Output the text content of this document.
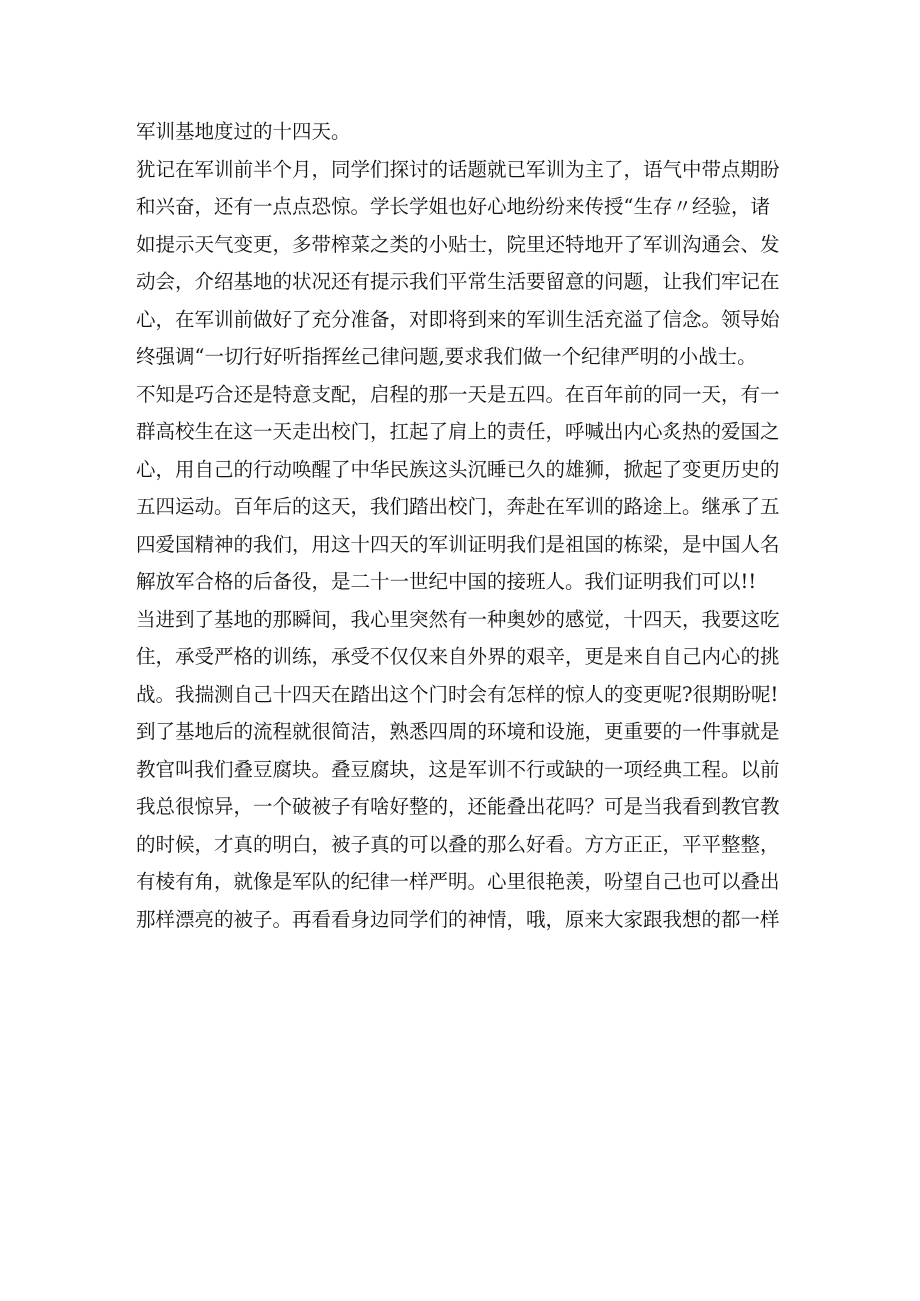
军训基地度过的十四天。
犹记在军训前半个月，同学们探讨的话题就已军训为主了，语气中带点期盼
和兴奋，还有一点点恐惊。学长学姐也好心地纷纷来传授“生存〃经验，诸
如提示天气变更，多带榨菜之类的小贴士，院里还特地开了军训沟通会、发
动会，介绍基地的状况还有提示我们平常生活要留意的问题，让我们牢记在
心，在军训前做好了充分准备，对即将到来的军训生活充溢了信念。领导始
终强调“一切行好听指挥丝己律问题,要求我们做一个纪律严明的小战士。
不知是巧合还是特意支配，启程的那一天是五四。在百年前的同一天，有一
群高校生在这一天走出校门，扛起了肩上的责任，呼喊出内心炙热的爱国之
心，用自己的行动唤醒了中华民族这头沉睡已久的雄狮，掀起了变更历史的
五四运动。百年后的这天，我们踏出校门，奔赴在军训的路途上。继承了五
四爱国精神的我们，用这十四天的军训证明我们是祖国的栋梁，是中国人名
解放军合格的后备役，是二十一世纪中国的接班人。我们证明我们可以!!
当进到了基地的那瞬间，我心里突然有一种奥妙的感觉，十四天，我要这吃
住，承受严格的训练，承受不仅仅来自外界的艰辛，更是来自自己内心的挑
战。我揣测自己十四天在踏出这个门时会有怎样的惊人的变更呢?很期盼呢!
到了基地后的流程就很简洁，熟悉四周的环境和设施，更重要的一件事就是
教官叫我们叠豆腐块。叠豆腐块，这是军训不行或缺的一项经典工程。以前
我总很惊异，一个破被子有啥好整的，还能叠出花吗？可是当我看到教官教
的时候，才真的明白，被子真的可以叠的那么好看。方方正正，平平整整，
有棱有角，就像是军队的纪律一样严明。心里很艳羡，吩望自己也可以叠出
那样漂亮的被子。再看看身边同学们的神情，哦，原来大家跟我想的都一样
